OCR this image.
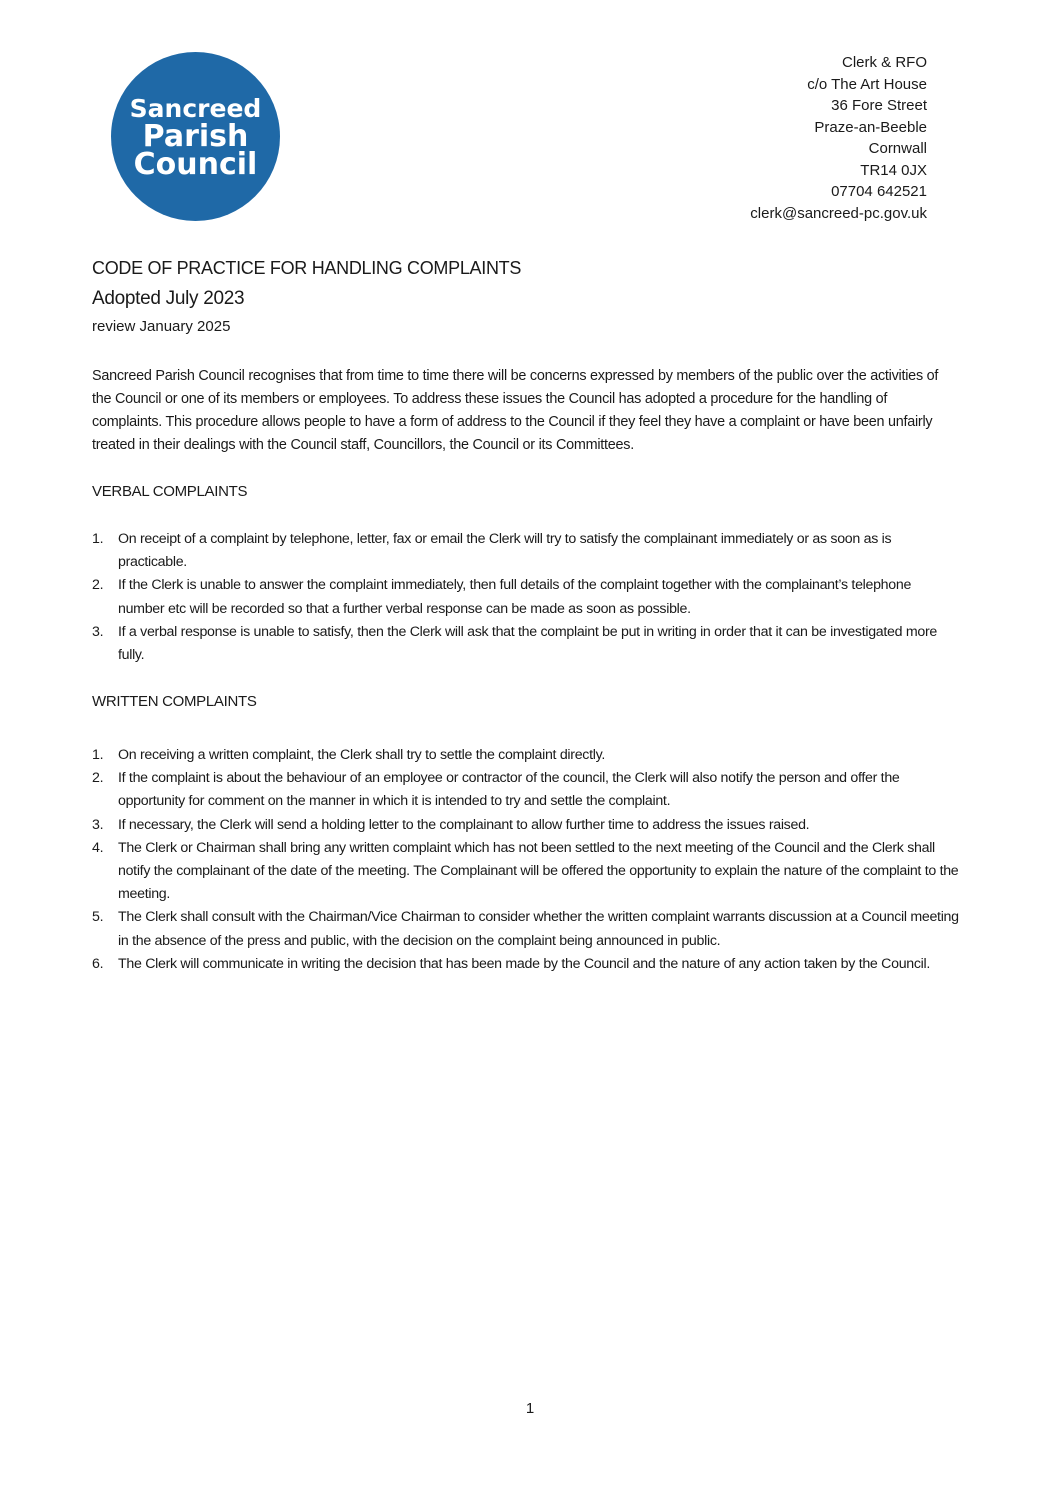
Sancreed
Parish
Council
Clerk & RFO
c/o The Art House
36 Fore Street
Praze-an-Beeble
Cornwall
TR14 0JX
07704 642521
clerk@sancreed-pc.gov.uk
CODE OF PRACTICE FOR HANDLING COMPLAINTS
Adopted July 2023
review January 2025

Sancreed Parish Council recognises that from time to time there will be concerns expressed by members of the public over the activities of the Council or one of its members or employees. To address these issues the Council has adopted a procedure for the handling of complaints. This procedure allows people to have a form of address to the Council if they feel they have a complaint or have been unfairly treated in their dealings with the Council staff, Councillors, the Council or its Committees.

VERBAL COMPLAINTS
1. On receipt of a complaint by telephone, letter, fax or email the Clerk will try to satisfy the complainant immediately or as soon as is practicable.
2. If the Clerk is unable to answer the complaint immediately, then full details of the complaint together with the complainant’s telephone number etc will be recorded so that a further verbal response can be made as soon as possible.
3. If a verbal response is unable to satisfy, then the Clerk will ask that the complaint be put in writing in order that it can be investigated more fully.
WRITTEN COMPLAINTS
1. On receiving a written complaint, the Clerk shall try to settle the complaint directly.
2. If the complaint is about the behaviour of an employee or contractor of the council, the Clerk will also notify the person and offer the opportunity for comment on the manner in which it is intended to try and settle the complaint.
3. If necessary, the Clerk will send a holding letter to the complainant to allow further time to address the issues raised.
4. The Clerk or Chairman shall bring any written complaint which has not been settled to the next meeting of the Council and the Clerk shall notify the complainant of the date of the meeting. The Complainant will be offered the opportunity to explain the nature of the complaint to the meeting.
5. The Clerk shall consult with the Chairman/Vice Chairman to consider whether the written complaint warrants discussion at a Council meeting in the absence of the press and public, with the decision on the complaint being announced in public.
6. The Clerk will communicate in writing the decision that has been made by the Council and the nature of any action taken by the Council.
1
